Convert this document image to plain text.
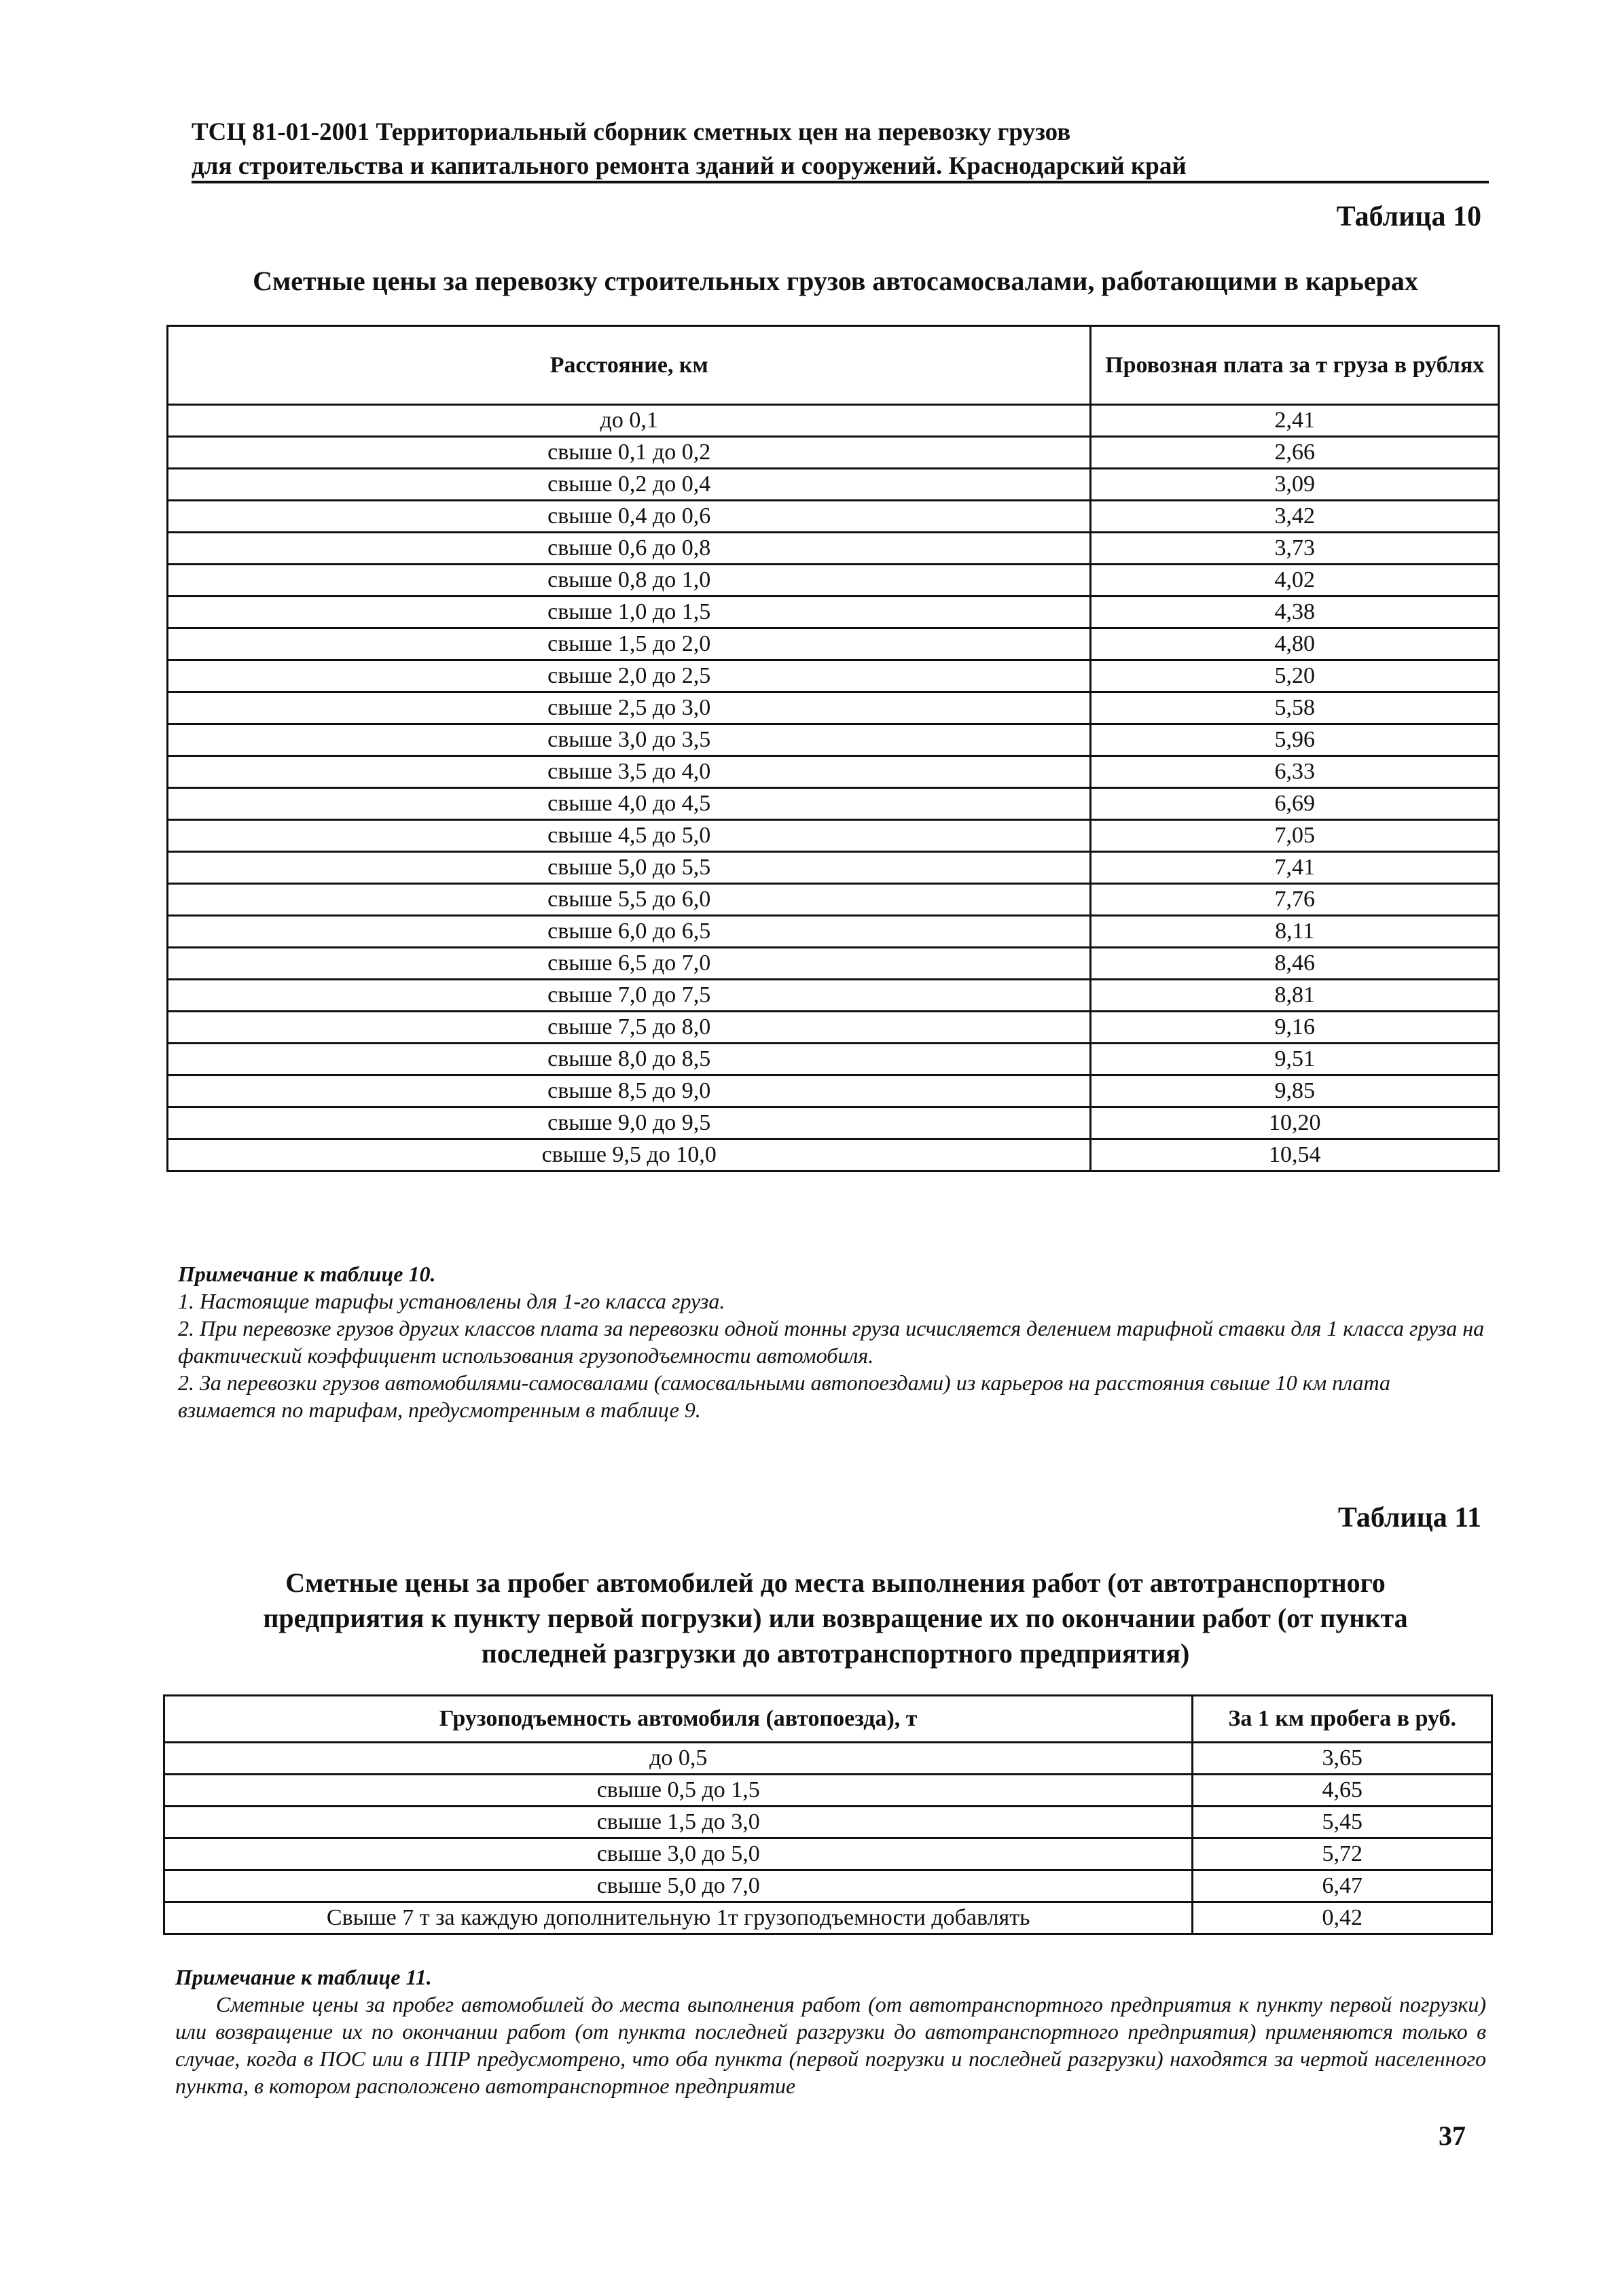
ТСЦ 81-01-2001 Территориальный сборник сметных цен на перевозку грузов
для строительства и капитального ремонта зданий и сооружений. Краснодарский край
Таблица 10
Сметные цены за перевозку строительных грузов автосамосвалами, работающими в карьерах
Расстояние, км	Провозная плата за т груза в рублях
до 0,1	2,41
свыше 0,1 до 0,2	2,66
свыше 0,2 до 0,4	3,09
свыше 0,4 до 0,6	3,42
свыше 0,6 до 0,8	3,73
свыше 0,8 до 1,0	4,02
свыше 1,0 до 1,5	4,38
свыше 1,5 до 2,0	4,80
свыше 2,0 до 2,5	5,20
свыше 2,5 до 3,0	5,58
свыше 3,0 до 3,5	5,96
свыше 3,5 до 4,0	6,33
свыше 4,0 до 4,5	6,69
свыше 4,5 до 5,0	7,05
свыше 5,0 до 5,5	7,41
свыше 5,5 до 6,0	7,76
свыше 6,0 до 6,5	8,11
свыше 6,5 до 7,0	8,46
свыше 7,0 до 7,5	8,81
свыше 7,5 до 8,0	9,16
свыше 8,0 до 8,5	9,51
свыше 8,5 до 9,0	9,85
свыше 9,0 до 9,5	10,20
свыше 9,5 до 10,0	10,54

Примечание к таблице 10.

1. Настоящие тарифы установлены для 1-го класса груза.

2. При перевозке грузов других классов плата за перевозки одной тонны груза исчисляется делением тарифной ставки для 1 класса груза на фактический коэффициент использования грузоподъемности автомобиля.

2. За перевозки грузов автомобилями-самосвалами (самосвальными автопоездами) из карьеров на расстояния свыше 10 км плата взимается по тарифам, предусмотренным в таблице 9.

Таблица 11
Сметные цены за пробег автомобилей до места выполнения работ (от автотранспортного предприятия к пункту первой погрузки) или возвращение их по окончании работ (от пункта последней разгрузки до автотранспортного предприятия)
Грузоподъемность автомобиля (автопоезда), т	За 1 км пробега в руб.
до 0,5	3,65
свыше 0,5 до 1,5	4,65
свыше 1,5 до 3,0	5,45
свыше 3,0 до 5,0	5,72
свыше 5,0 до 7,0	6,47
Свыше 7 т за каждую дополнительную 1т грузоподъемности добавлять	0,42

Примечание к таблице 11.

Сметные цены за пробег автомобилей до места выполнения работ (от автотранспортного предприятия к пункту первой погрузки) или возвращение их по окончании работ (от пункта последней разгрузки до автотранспортного предприятия) применяются только в случае, когда в ПОС или в ППР предусмотрено, что оба пункта (первой погрузки и последней разгрузки) находятся за чертой населенного пункта, в котором расположено автотранспортное предприятие

37
